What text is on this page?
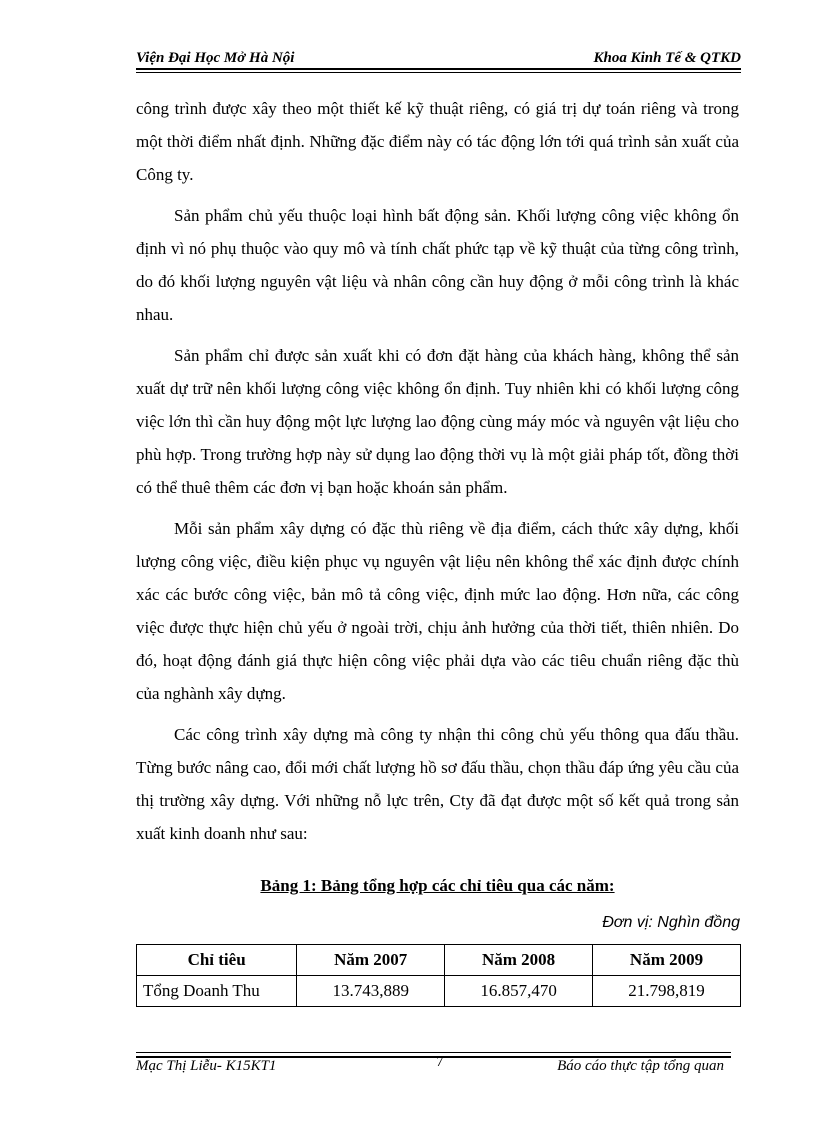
Viện Đại Học Mở Hà Nội	Khoa Kinh Tế & QTKD

công trình được xây theo một thiết kế kỹ thuật riêng, có giá trị dự toán riêng và trong một thời điểm nhất định. Những đặc điểm này có tác động lớn tới quá trình sản xuất của Công ty.

Sản phẩm chủ yếu thuộc loại hình bất động sản. Khối lượng công việc không ổn định vì nó phụ thuộc vào quy mô và tính chất phức tạp về kỹ thuật của từng công trình, do đó khối lượng nguyên vật liệu và nhân công cần huy động ở mỗi công trình là khác nhau.

Sản phẩm chỉ được sản xuất khi có đơn đặt hàng của khách hàng, không thể sản xuất dự trữ nên khối lượng công việc không ổn định. Tuy nhiên khi có khối lượng công việc lớn thì cần huy động một lực lượng lao động cùng máy móc và nguyên vật liệu cho phù hợp. Trong trường hợp này sử dụng lao động thời vụ là một giải pháp tốt, đồng thời có thể thuê thêm các đơn vị bạn hoặc khoán sản phẩm.

Mỗi sản phẩm xây dựng có đặc thù riêng về địa điểm, cách thức xây dựng, khối lượng công việc, điều kiện phục vụ nguyên vật liệu nên không thể xác định được chính xác các bước công việc, bản mô tả công việc, định mức lao động. Hơn nữa, các công việc được thực hiện chủ yếu ở ngoài trời, chịu ảnh hưởng của thời tiết, thiên nhiên. Do đó, hoạt động đánh giá thực hiện công việc phải dựa vào các tiêu chuẩn riêng đặc thù của nghành xây dựng.

Các công trình xây dựng mà công ty nhận thi công chủ yếu thông qua đấu thầu. Từng bước nâng cao, đổi mới chất lượng hồ sơ đấu thầu, chọn thầu đáp ứng yêu cầu của thị trường xây dựng. Với những nỗ lực trên, Cty đã đạt được một số kết quả trong sản xuất kinh doanh như sau:

Bảng 1: Bảng tổng hợp các chỉ tiêu qua các năm:
Đơn vị: Nghìn đồng
Chỉ tiêu	Năm 2007	Năm 2008	Năm 2009
Tổng Doanh Thu	13.743,889	16.857,470	21.798,819
Mạc Thị Liễu- K15KT1	7	Báo cáo thực tập tổng quan
